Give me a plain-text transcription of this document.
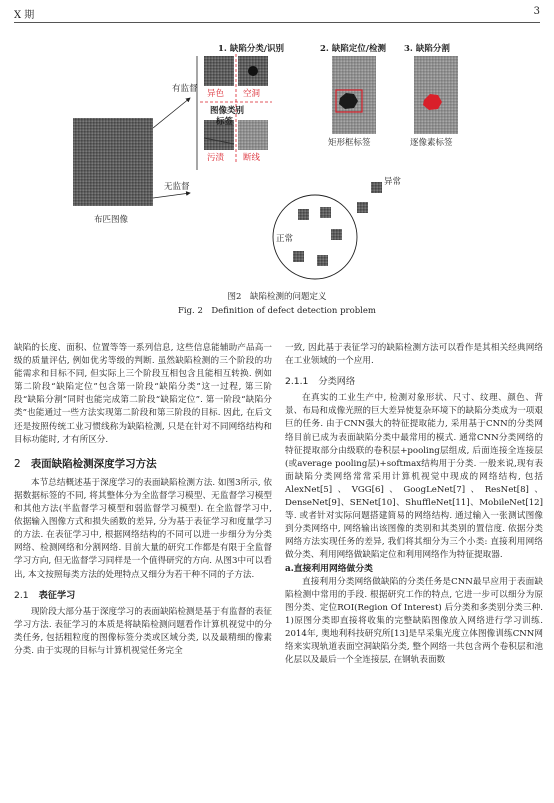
X 期	3
布匹图像
有监督
无监督
1. 缺陷分类/识别	2. 缺陷定位/检测 3. 缺陷分割
异色 空洞
图像类别
标签
污渍 断线
矩形框标签	逐像素标签
异常
正常
图2　缺陷检测的问题定义
Fig. 2　Definition of defect detection problem

缺陷的长度、面积、位置等等一系列信息, 这些信息能辅助产品高一级的质量评估, 例如优劣等级的判断. 虽然缺陷检测的三个阶段的功能需求和目标不同, 但实际上三个阶段互相包含且能相互转换. 例如第二阶段“缺陷定位”包含第一阶段“缺陷分类”这一过程, 第三阶段“缺陷分割”同时也能完成第二阶段“缺陷定位”. 第一阶段“缺陷分类”也能通过一些方法实现第二阶段和第三阶段的目标. 因此, 在后文还是按照传统工业习惯线称为缺陷检测, 只是在针对不同网络结构和目标功能时, 才有所区分.

2 表面缺陷检测深度学习方法

本节总结概述基于深度学习的表面缺陷检测方法. 如图3所示, 依据数据标签的不同, 将其整体分为全监督学习模型、无监督学习模型和其他方法(半监督学习模型和弱监督学习模型). 在全监督学习中, 依据输入图像方式和损失函数的差异, 分为基于表征学习和度量学习的方法. 在表征学习中, 根据网络结构的不同可以进一步细分为分类网络、检测网络和分割网络. 目前大量的研究工作都是有限于全监督学习方向, 但无监督学习同样是一个值得研究的方向. 从图3中可以看出, 本文按照每类方法的处理特点又细分为若干种不同的子方法.

2.1 表征学习

现阶段大部分基于深度学习的表面缺陷检测是基于有监督的表征学习方法. 表征学习的本质是将缺陷检测问题看作计算机视觉中的分类任务, 包括粗粒度的图像标签分类或区域分类, 以及最精细的像素分类. 由于实现的目标与计算机视觉任务完全

一致, 因此基于表征学习的缺陷检测方法可以看作是其相关经典网络在工业领域的一个应用.

2.1.1 分类网络

在真实的工业生产中, 检测对象形状、尺寸、纹理、颜色、背景、布局和成像光照的巨大差异使复杂环境下的缺陷分类成为一项艰巨的任务. 由于CNN强大的特征提取能力, 采用基于CNN的分类网络目前已成为表面缺陷分类中最常用的模式. 通常CNN分类网络的特征提取部分由级联的卷积层+pooling层组成, 后面连接全连接层(或average pooling层)+softmax结构用于分类. 一般来说,现有表面缺陷分类网络常常采用计算机视觉中现成的网络结构, 包括AlexNet[5]、VGG[6]、GoogLeNet[7]、ResNet[8]、DenseNet[9]、SENet[10]、ShuffleNet[11]、MobileNet[12] 等. 或者针对实际问题搭建简易的网络结构. 通过输入一张测试图像到分类网络中, 网络输出该图像的类别和其类别的置信度. 依据分类网络方法实现任务的差异, 我们将其细分为三个小类: 直接利用网络做分类、利用网络做缺陷定位和利用网络作为特征提取器.

a.直接利用网络做分类

直接利用分类网络做缺陷的分类任务是CNN最早应用于表面缺陷检测中常用的手段. 根据研究工作的特点, 它进一步可以细分为原图分类、定位ROI(Region Of Interest) 后分类和多类别分类三种. 1)原图分类即直接将收集的完整缺陷图像放入网络进行学习训练. 2014年, 奥地利科技研究所[13]是早采集光度立体图像训练CNN网络来实现轨道表面空洞缺陷分类, 整个网络一共包含两个卷积层和池化层以及最后一个全连接层, 在钢轨表面数
